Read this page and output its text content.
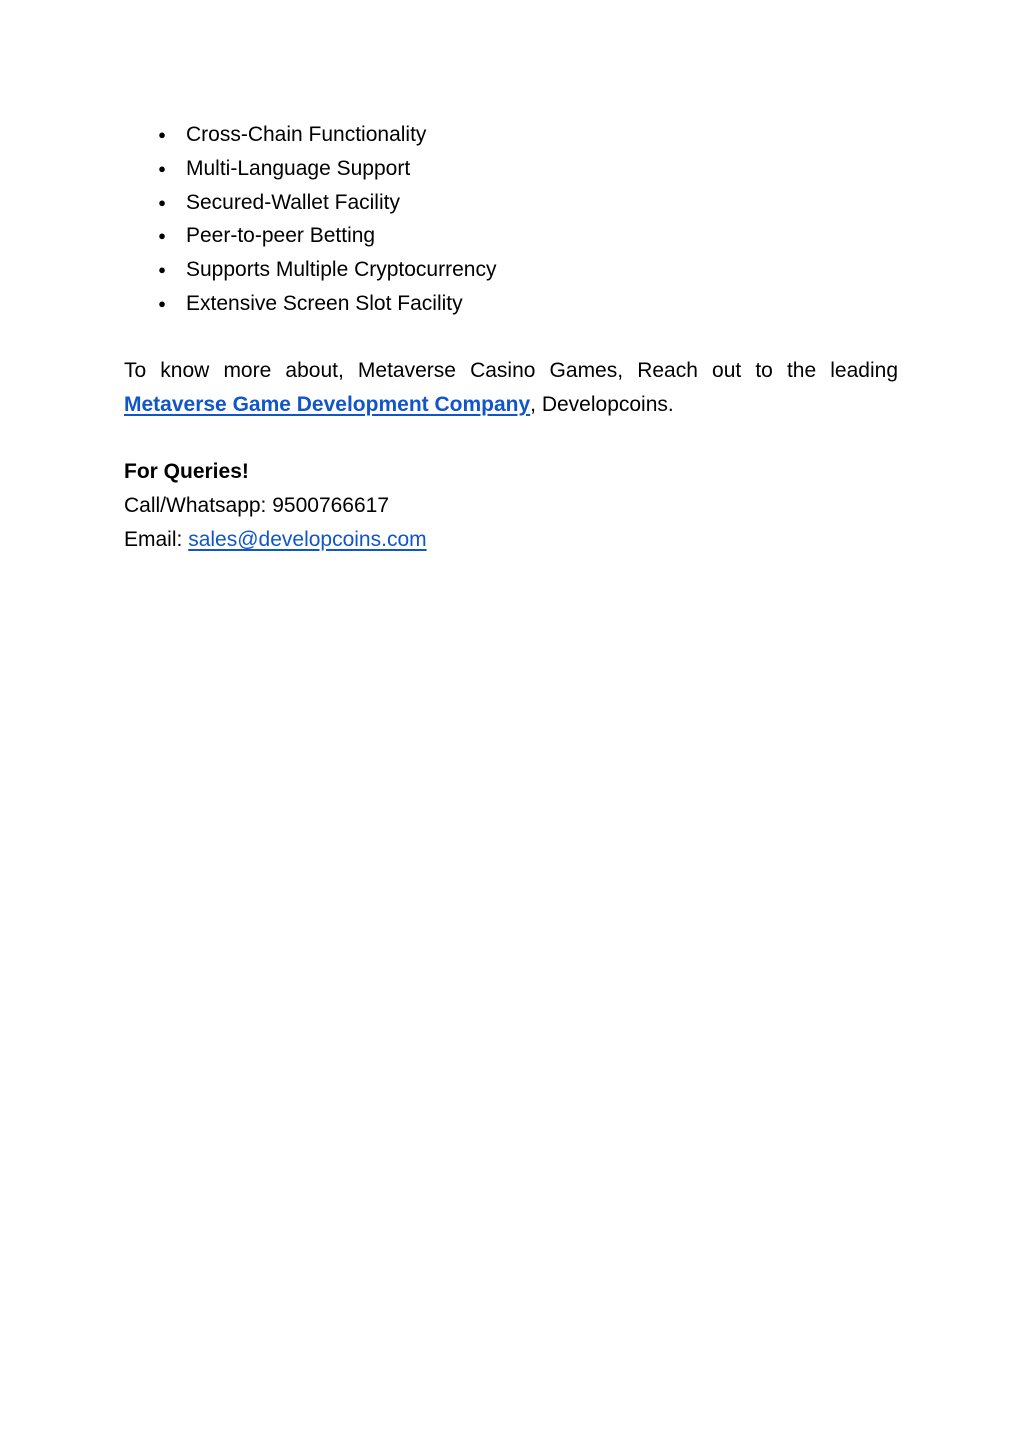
● Cross-Chain Functionality
● Multi-Language Support
● Secured-Wallet Facility
● Peer-to-peer Betting
● Supports Multiple Cryptocurrency
● Extensive Screen Slot Facility

To know more about, Metaverse Casino Games, Reach out to the leading
Metaverse Game Development Company, Developcoins.

For Queries!
Call/Whatsapp: 9500766617
Email: sales@developcoins.com
